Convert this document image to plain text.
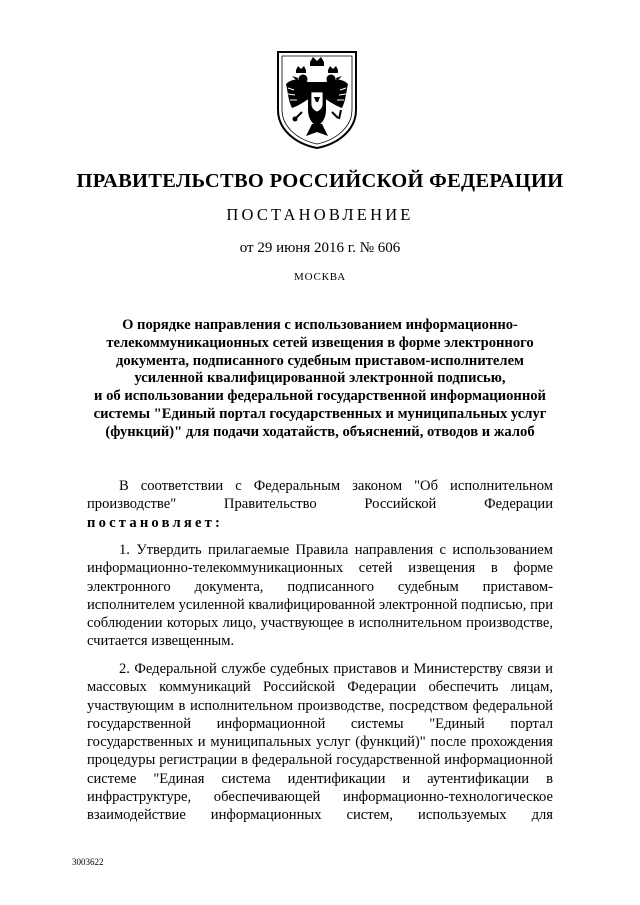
ПРАВИТЕЛЬСТВО РОССИЙСКОЙ ФЕДЕРАЦИИ
ПОСТАНОВЛЕНИЕ
от 29 июня 2016 г. № 606
МОСКВА
О порядке направления с использованием информационно-
телекоммуникационных сетей извещения в форме электронного
документа, подписанного судебным приставом-исполнителем
усиленной квалифицированной электронной подписью,
и об использовании федеральной государственной информационной
системы "Единый портал государственных и муниципальных услуг
(функций)" для подачи ходатайств, объяснений, отводов и жалоб
В соответствии с Федеральным законом "Об исполнительном
производстве" Правительство Российской Федерации
постановляет:
1. Утвердить прилагаемые Правила направления с использованием
информационно-телекоммуникационных сетей извещения в форме
электронного документа, подписанного судебным приставом-
исполнителем усиленной квалифицированной электронной подписью, при
соблюдении которых лицо, участвующее в исполнительном производстве,
считается извещенным.
2. Федеральной службе судебных приставов и Министерству связи и
массовых коммуникаций Российской Федерации обеспечить лицам,
участвующим в исполнительном производстве, посредством федеральной
государственной информационной системы "Единый портал
государственных и муниципальных услуг (функций)" после прохождения
процедуры регистрации в федеральной государственной информационной
системе "Единая система идентификации и аутентификации в
инфраструктуре, обеспечивающей информационно-технологическое
взаимодействие информационных систем, используемых для
3003622
